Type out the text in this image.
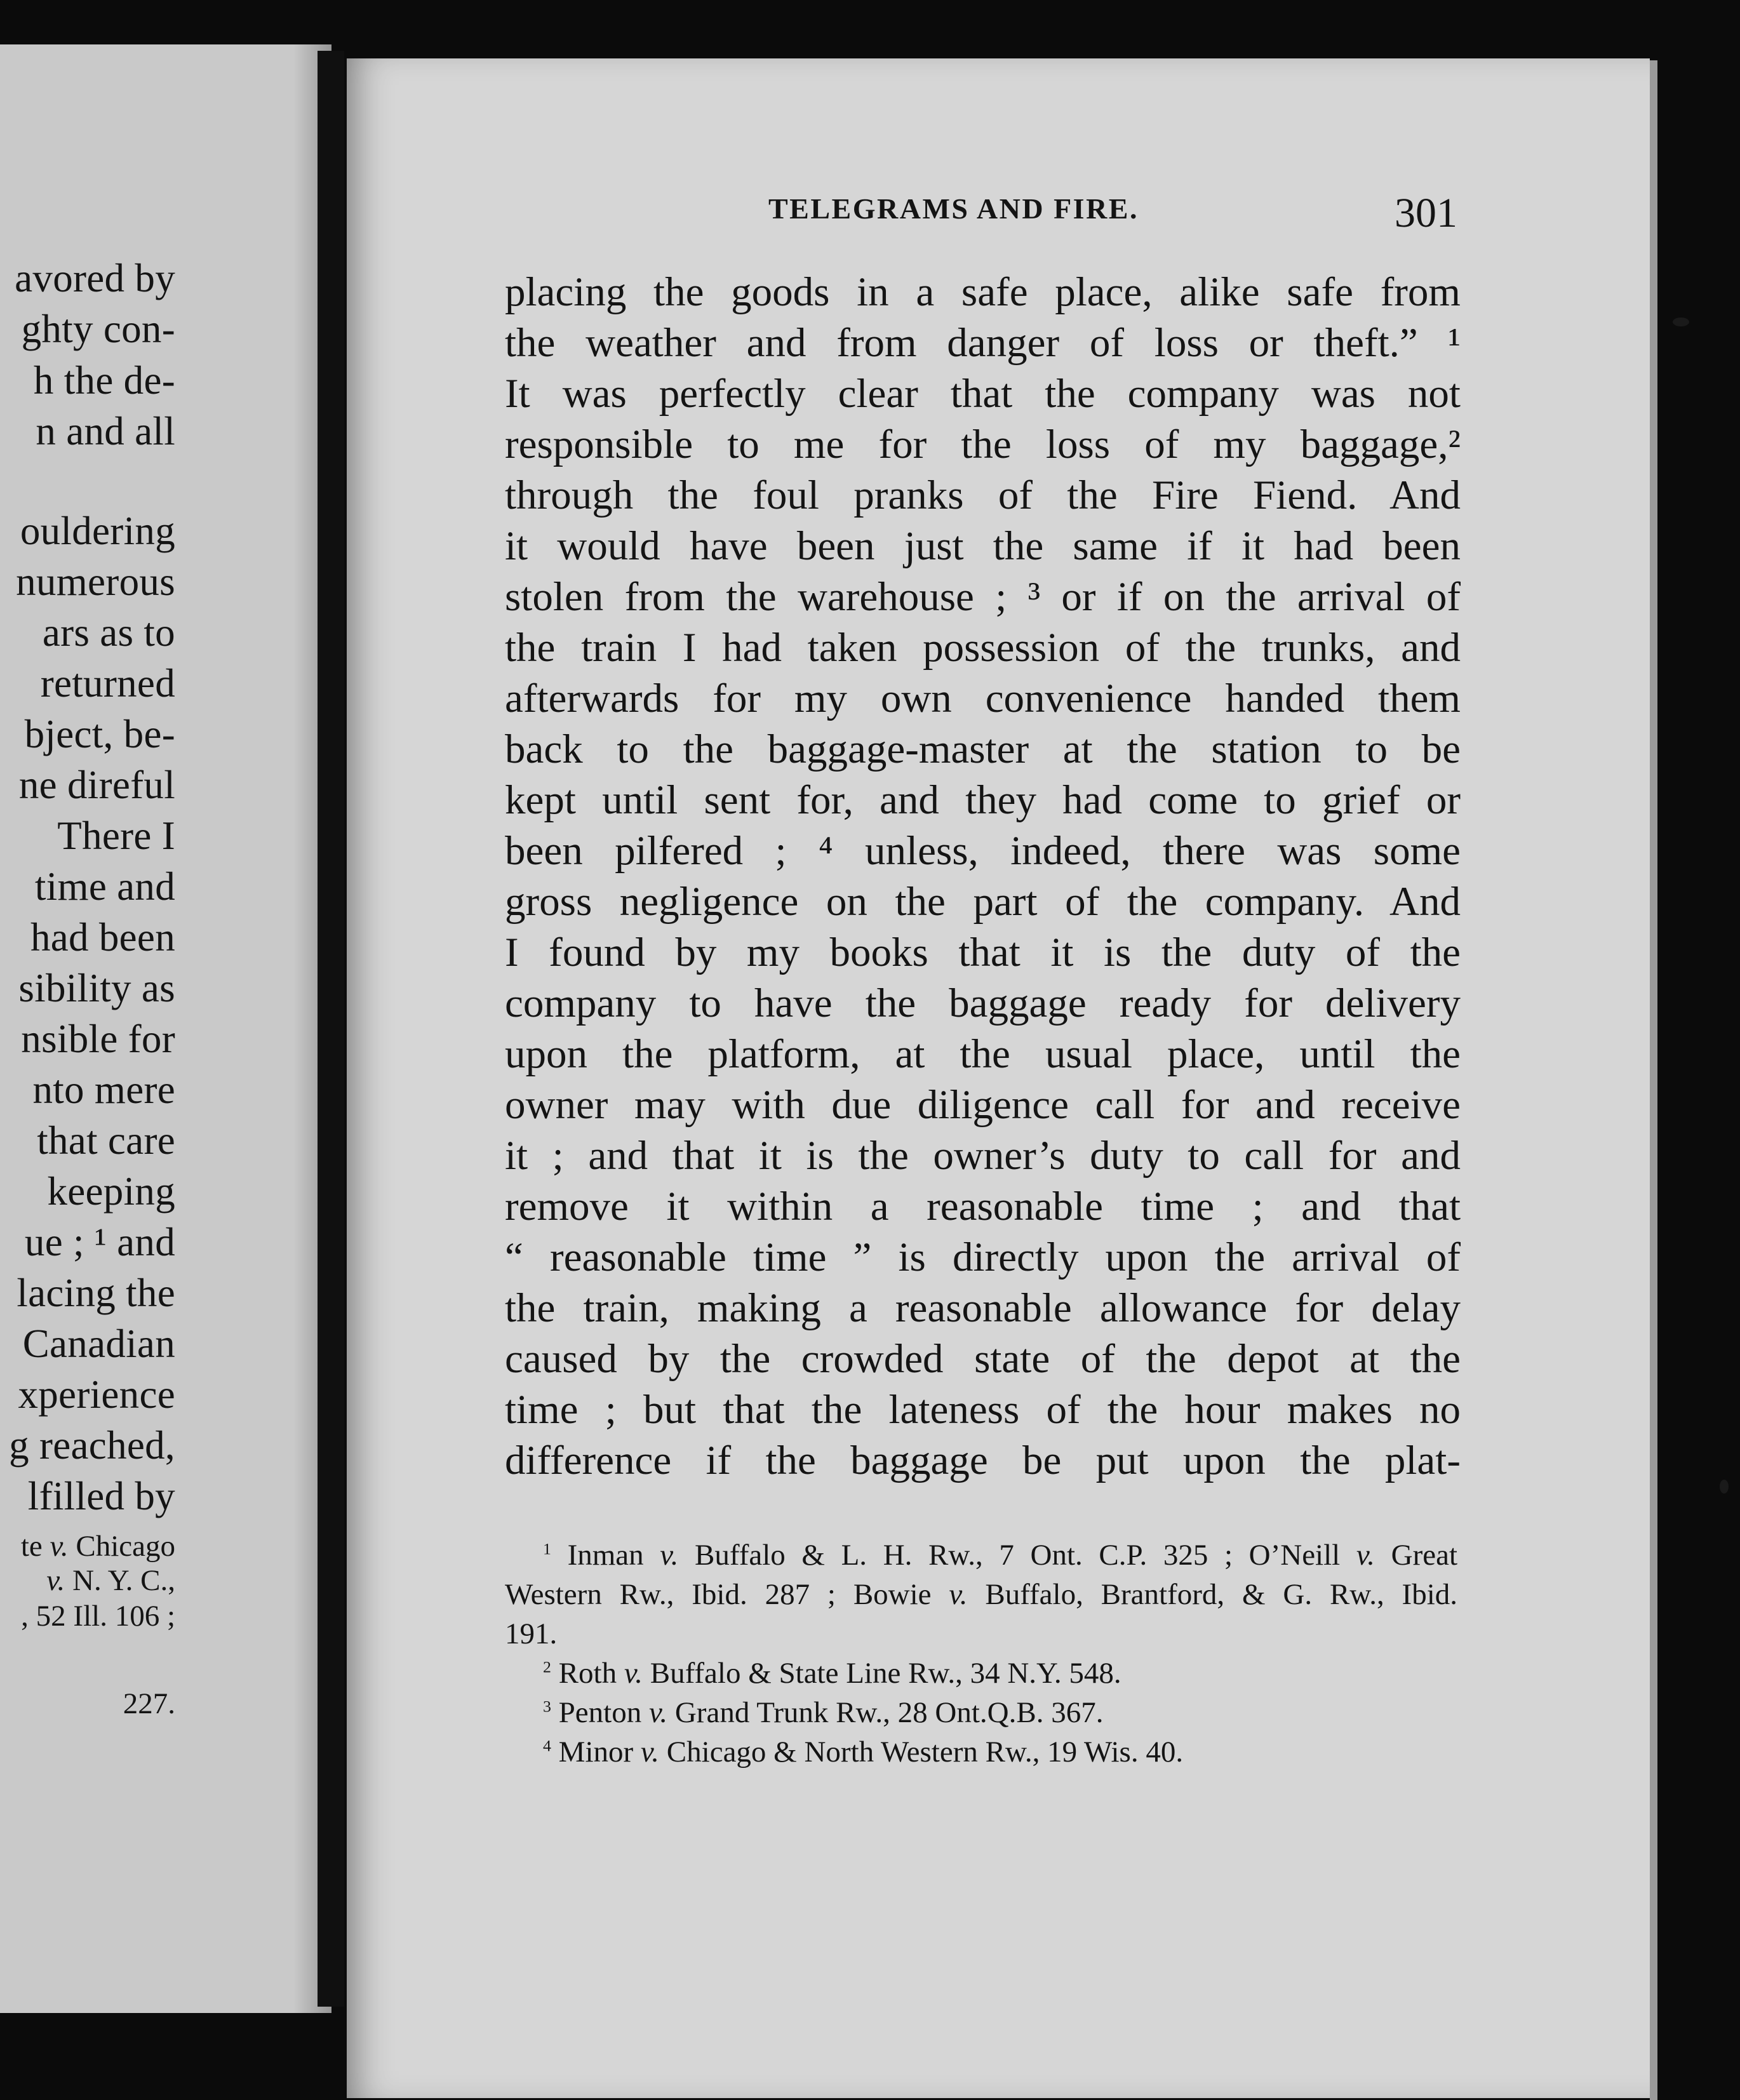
avored by
ghty con-
h the de-
n and all
ouldering
numerous
ars as to
returned
bject, be-
ne direful
There I
time and
had been
sibility as
nsible for
nto mere
that care
keeping
ue ; ¹ and
lacing the
Canadian
xperience
g reached,
lfilled by
te v. Chicago
v. N. Y. C.,
, 52 Ill. 106 ;
227.
TELEGRAMS AND FIRE.	301
placing the goods in a safe place, alike safe from
the weather and from danger of loss or theft.” ¹
It was perfectly clear that the company was not
responsible to me for the loss of my baggage,²
through the foul pranks of the Fire Fiend. And
it would have been just the same if it had been
stolen from the warehouse ; ³ or if on the arrival of
the train I had taken possession of the trunks, and
afterwards for my own convenience handed them
back to the baggage-master at the station to be
kept until sent for, and they had come to grief or
been pilfered ; ⁴ unless, indeed, there was some
gross negligence on the part of the company. And
I found by my books that it is the duty of the
company to have the baggage ready for delivery
upon the platform, at the usual place, until the
owner may with due diligence call for and receive
it ; and that it is the owner’s duty to call for and
remove it within a reasonable time ; and that
“ reasonable time ” is directly upon the arrival of
the train, making a reasonable allowance for delay
caused by the crowded state of the depot at the
time ; but that the lateness of the hour makes no
difference if the baggage be put upon the plat-
$^1$ Inman v. Buffalo & L. H. Rw., 7 Ont. C.P. 325 ; O’Neill v. Great
Western Rw., Ibid. 287 ; Bowie v. Buffalo, Brantford, & G. Rw., Ibid.
191.
$^2$ Roth v. Buffalo & State Line Rw., 34 N.Y. 548.
$^3$ Penton v. Grand Trunk Rw., 28 Ont.Q.B. 367.
$^4$ Minor v. Chicago & North Western Rw., 19 Wis. 40.
